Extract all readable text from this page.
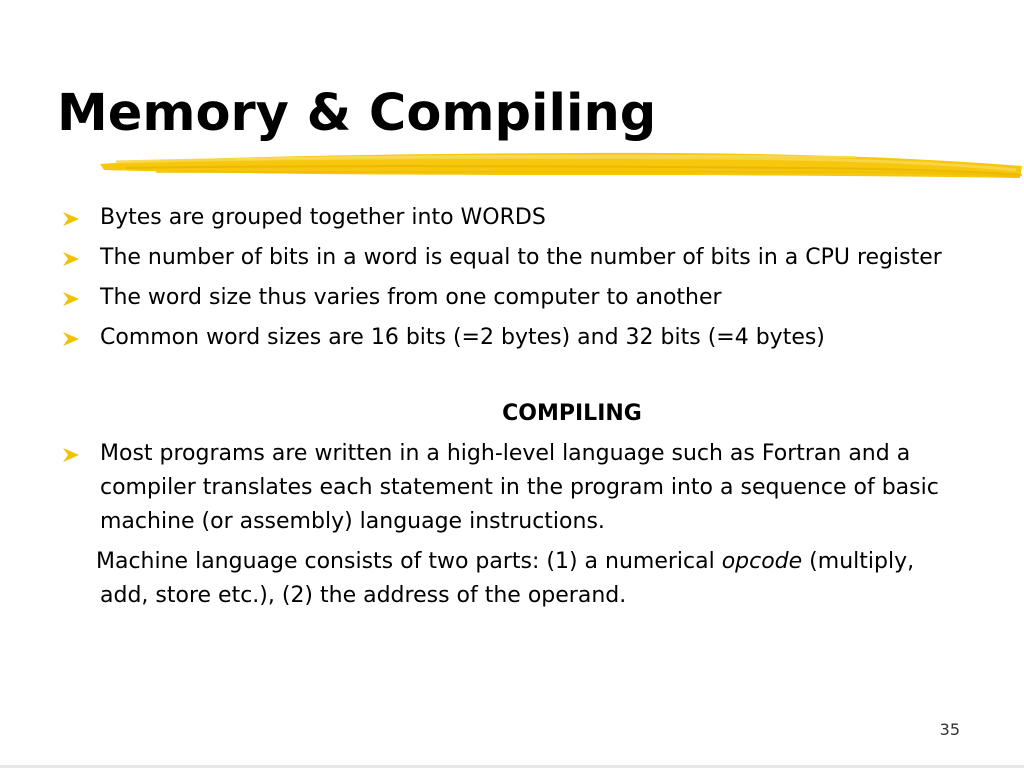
Memory & Compiling
Bytes are grouped together into WORDS
The number of bits in a word is equal to the number of bits in a CPU register
The word size thus varies from one computer to another
Common word sizes are 16 bits (=2 bytes) and 32 bits (=4 bytes)
COMPILING
Most programs are written in a high-level language such as Fortran and a compiler translates each statement in the program into a sequence of basic machine (or assembly) language instructions.

Machine language consists of two parts: (1) a numerical opcode (multiply, add, store etc.), (2) the address of the operand.

35
